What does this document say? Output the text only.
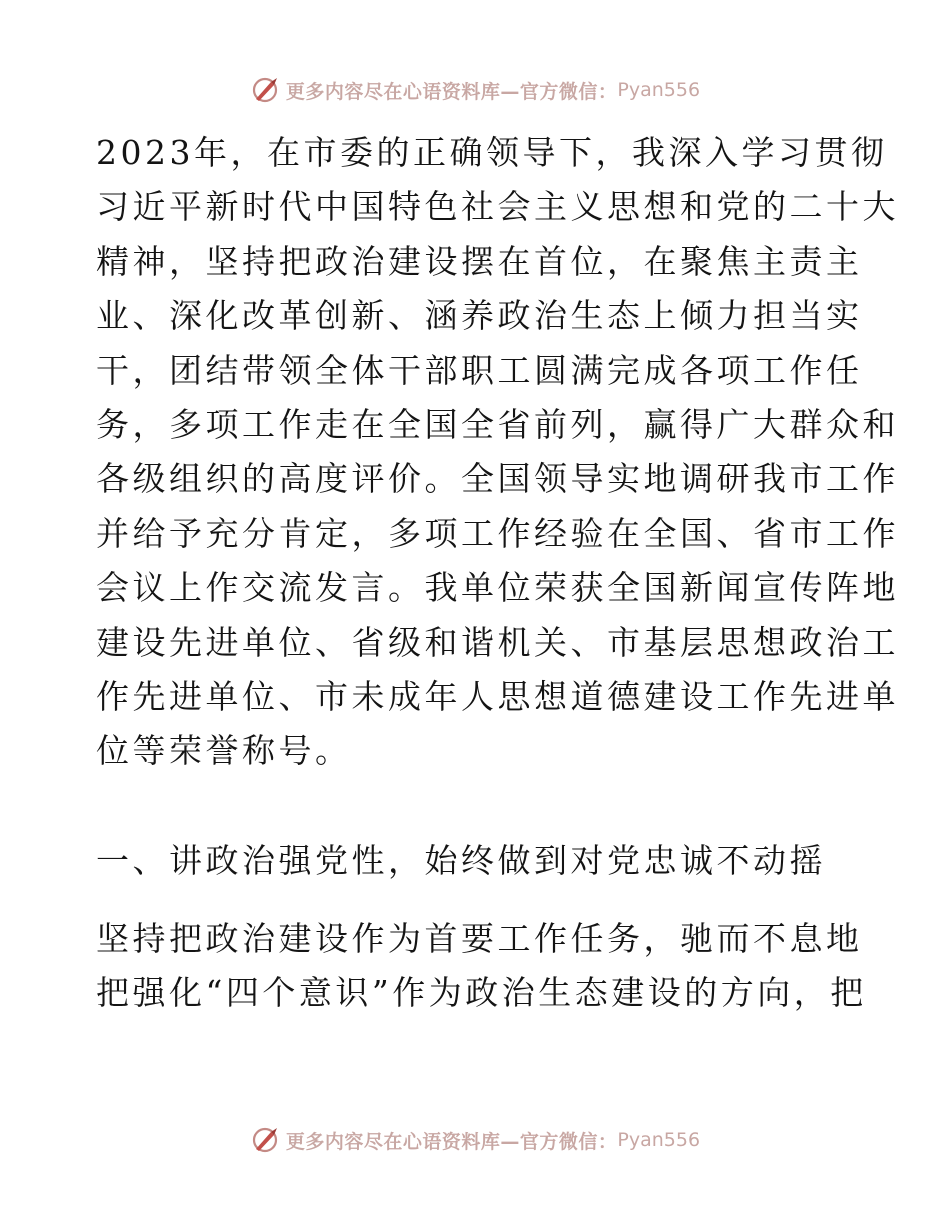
更多内容尽在心语资料库—官方微信： Pyan556
2023年，在市委的正确领导下，我深入学习贯彻
习近平新时代中国特色社会主义思想和党的二十大
精神，坚持把政治建设摆在首位，在聚焦主责主
业、深化改革创新、涵养政治生态上倾力担当实
干，团结带领全体干部职工圆满完成各项工作任
务，多项工作走在全国全省前列，赢得广大群众和
各级组织的高度评价。全国领导实地调研我市工作
并给予充分肯定，多项工作经验在全国、省市工作
会议上作交流发言。我单位荣获全国新闻宣传阵地
建设先进单位、省级和谐机关、市基层思想政治工
作先进单位、市未成年人思想道德建设工作先进单
位等荣誉称号。
一、讲政治强党性，始终做到对党忠诚不动摇
坚持把政治建设作为首要工作任务，驰而不息地
把强化“四个意识”作为政治生态建设的方向，把
更多内容尽在心语资料库—官方微信： Pyan556
